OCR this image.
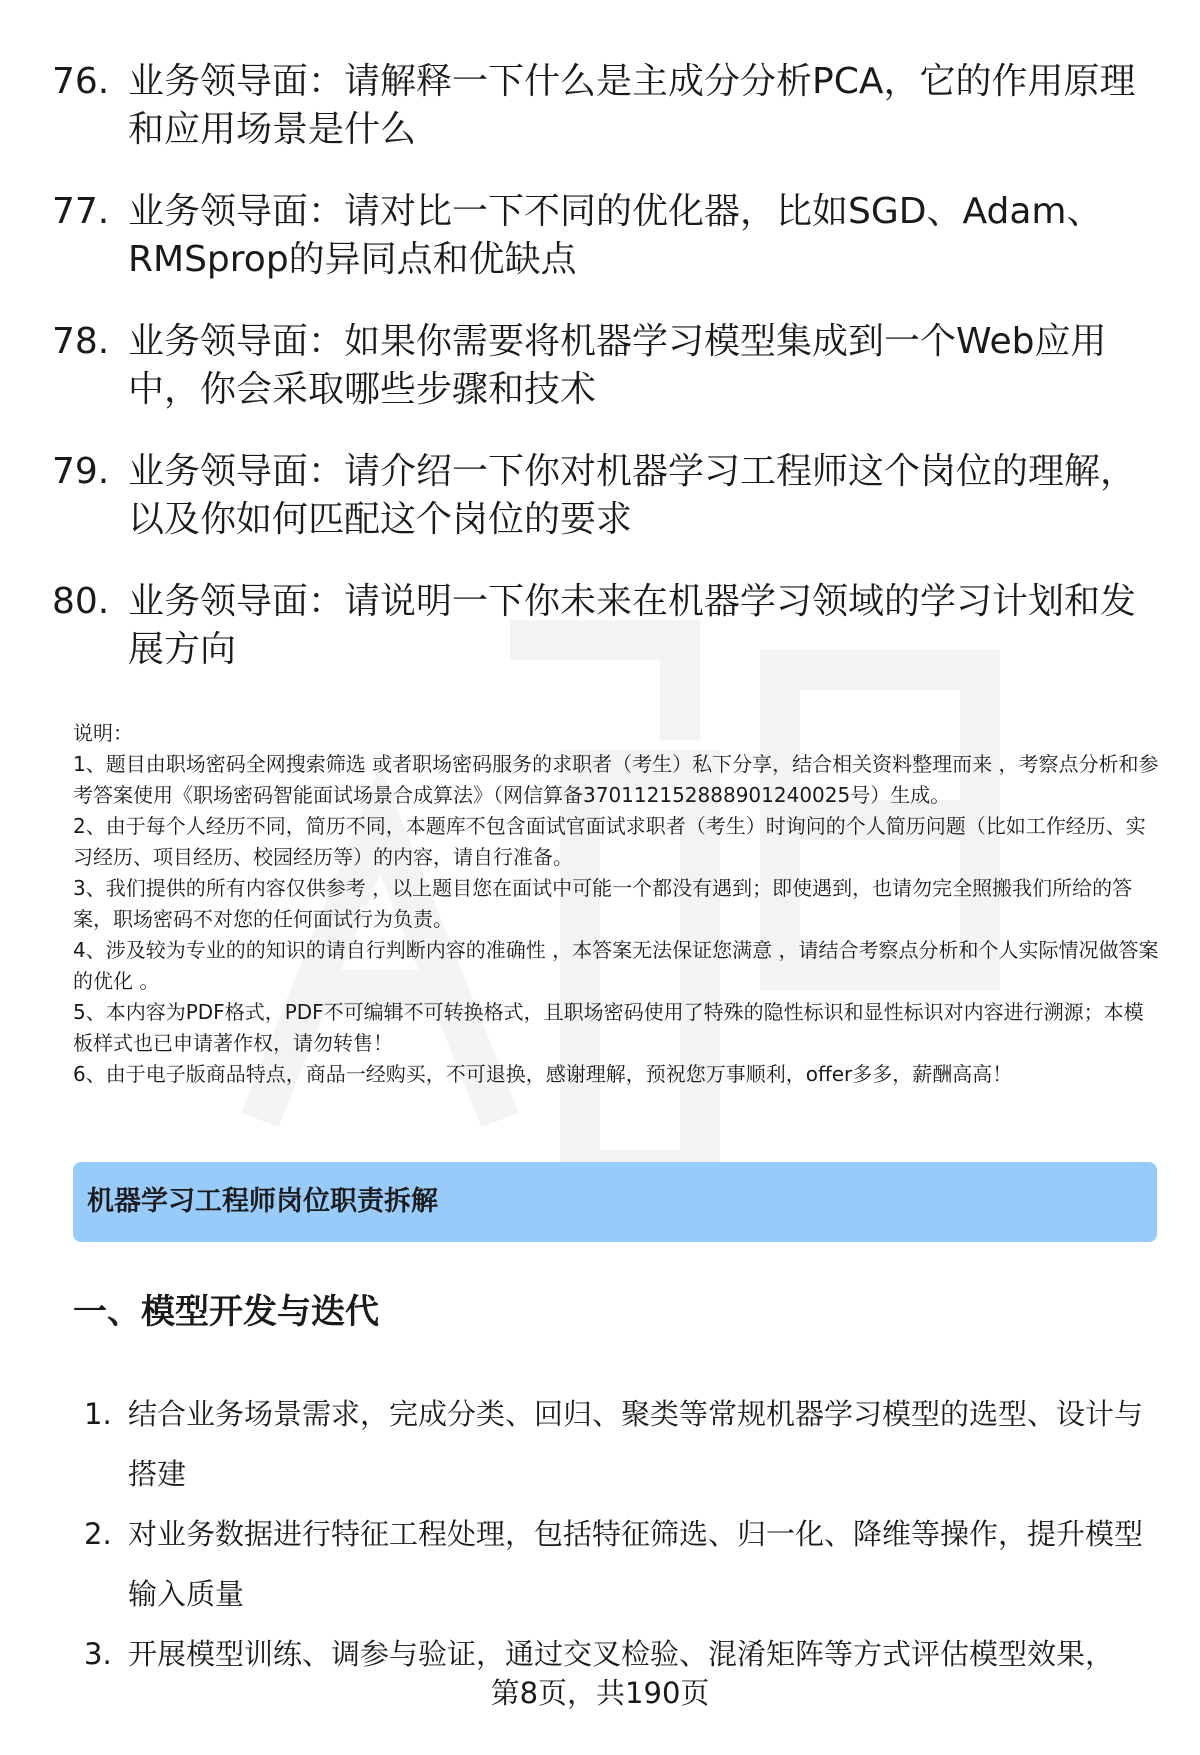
76. 业务领导面：请解释一下什么是主成分分析PCA，它的作用原理和应用场景是什么
77. 业务领导面：请对比一下不同的优化器，比如SGD、Adam、RMSprop的异同点和优缺点
78. 业务领导面：如果你需要将机器学习模型集成到一个Web应用中，你会采取哪些步骤和技术
79. 业务领导面：请介绍一下你对机器学习工程师这个岗位的理解，以及你如何匹配这个岗位的要求
80. 业务领导面：请说明一下你未来在机器学习领域的学习计划和发展方向

说明：

1、题目由职场密码全网搜索筛选 或者职场密码服务的求职者（考生）私下分享，结合相关资料整理而来 ，考察点分析和参考答案使用《职场密码智能面试场景合成算法》（网信算备370112152888901240025号）生成。

2、由于每个人经历不同，简历不同，本题库不包含面试官面试求职者（考生）时询问的个人简历问题（比如工作经历、实习经历、项目经历、校园经历等）的内容，请自行准备。

3、我们提供的所有内容仅供参考 ，以上题目您在面试中可能一个都没有遇到；即使遇到，也请勿完全照搬我们所给的答案，职场密码不对您的任何面试行为负责。

4、涉及较为专业的的知识的请自行判断内容的准确性 ，本答案无法保证您满意 ，请结合考察点分析和个人实际情况做答案的优化 。

5、本内容为PDF格式，PDF不可编辑不可转换格式，且职场密码使用了特殊的隐性标识和显性标识对内容进行溯源；本模板样式也已申请著作权，请勿转售！

6、由于电子版商品特点，商品一经购买，不可退换，感谢理解，预祝您万事顺利，offer多多，薪酬高高！

机器学习工程师岗位职责拆解
一、模型开发与迭代
1. 结合业务场景需求，完成分类、回归、聚类等常规机器学习模型的选型、设计与搭建
2. 对业务数据进行特征工程处理，包括特征筛选、归一化、降维等操作，提升模型输入质量
3. 开展模型训练、调参与验证，通过交叉检验、混淆矩阵等方式评估模型效果，
第8页，共190页
